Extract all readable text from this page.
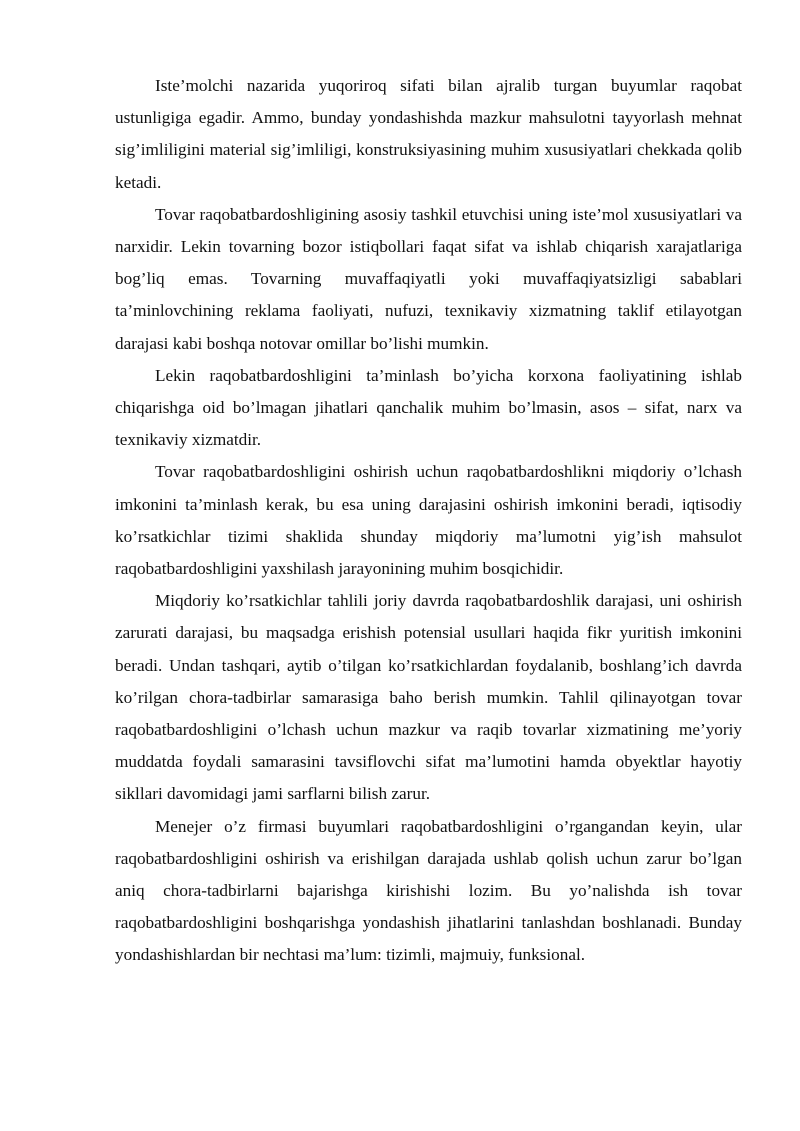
Iste’molchi nazarida yuqoriroq sifati bilan ajralib turgan buyumlar raqobat ustunligiga egadir. Ammo, bunday yondashishda mazkur mahsulotni tayyorlash mehnat sig’imliligini material sig’imliligi, konstruksiyasining muhim xususiyatlari chekkada qolib ketadi.

Tovar raqobatbardoshligining asosiy tashkil etuvchisi uning iste’mol xususiyatlari va narxidir. Lekin tovarning bozor istiqbollari faqat sifat va ishlab chiqarish xarajatlariga bog’liq emas. Tovarning muvaffaqiyatli yoki muvaffaqiyatsizligi sabablari ta’minlovchining reklama faoliyati, nufuzi, texnikaviy xizmatning taklif etilayotgan darajasi kabi boshqa notovar omillar bo’lishi mumkin.

Lekin raqobatbardoshligini ta’minlash bo’yicha korxona faoliyatining ishlab chiqarishga oid bo’lmagan jihatlari qanchalik muhim bo’lmasin, asos – sifat, narx va texnikaviy xizmatdir.

Tovar raqobatbardoshligini oshirish uchun raqobatbardoshlikni miqdoriy o’lchash imkonini ta’minlash kerak, bu esa uning darajasini oshirish imkonini beradi, iqtisodiy ko’rsatkichlar tizimi shaklida shunday miqdoriy ma’lumotni yig’ish mahsulot raqobatbardoshligini yaxshilash jarayonining muhim bosqichidir.

Miqdoriy ko’rsatkichlar tahlili joriy davrda raqobatbardoshlik darajasi, uni oshirish zarurati darajasi, bu maqsadga erishish potensial usullari haqida fikr yuritish imkonini beradi. Undan tashqari, aytib o’tilgan ko’rsatkichlardan foydalanib, boshlang’ich davrda ko’rilgan chora-tadbirlar samarasiga baho berish mumkin. Tahlil qilinayotgan tovar raqobatbardoshligini o’lchash uchun mazkur va raqib tovarlar xizmatining me’yoriy muddatda foydali samarasini tavsiflovchi sifat ma’lumotini hamda obyektlar hayotiy sikllari davomidagi jami sarflarni bilish zarur.

Menejer o’z firmasi buyumlari raqobatbardoshligini o’rgangandan keyin, ular raqobatbardoshligini oshirish va erishilgan darajada ushlab qolish uchun zarur bo’lgan aniq chora-tadbirlarni bajarishga kirishishi lozim. Bu yo’nalishda ish tovar raqobatbardoshligini boshqarishga yondashish jihatlarini tanlashdan boshlanadi. Bunday yondashishlardan bir nechtasi ma’lum: tizimli, majmuiy, funksional.
